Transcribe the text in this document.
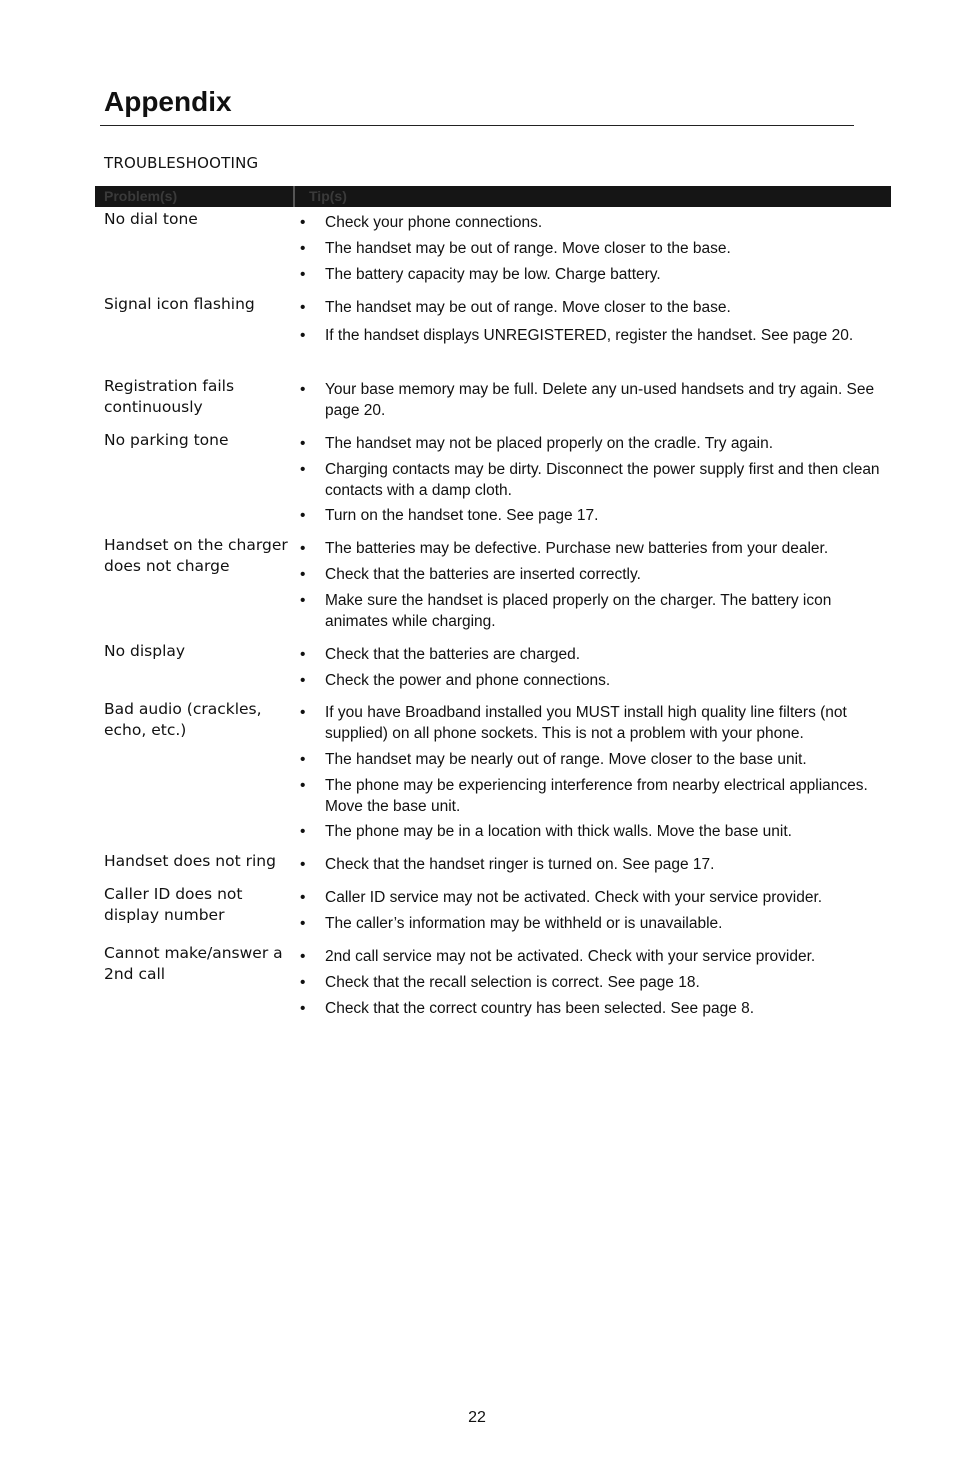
Appendix
TROUBLESHOOTING
Problem(s)	Tip(s)
No dial tone	• Check your phone connections.
• The handset may be out of range. Move closer to the base.
• The battery capacity may be low. Charge battery.
Signal icon flashing	• The handset may be out of range. Move closer to the base.
• If the handset displays UNREGISTERED, register the handset. See page 20.
Registration fails continuously
• Your base memory may be full. Delete any un-used handsets and try again. See page 20.
No parking tone	• The handset may not be placed properly on the cradle. Try again.
• Charging contacts may be dirty. Disconnect the power supply first and then clean contacts with a damp cloth.
• Turn on the handset tone. See page 17.
Handset on the charger does not charge
• The batteries may be defective. Purchase new batteries from your dealer.
• Check that the batteries are inserted correctly.
• Make sure the handset is placed properly on the charger. The battery icon animates while charging.
No display	• Check that the batteries are charged.
• Check the power and phone connections.
Bad audio (crackles, echo, etc.)
• If you have Broadband installed you MUST install high quality line filters (not supplied) on all phone sockets. This is not a problem with your phone.
• The handset may be nearly out of range. Move closer to the base unit.
• The phone may be experiencing interference from nearby electrical appliances. Move the base unit.
• The phone may be in a location with thick walls. Move the base unit.
Handset does not ring	• Check that the handset ringer is turned on. See page 17.
Caller ID does not display number
• Caller ID service may not be activated. Check with your service provider.
• The caller’s information may be withheld or is unavailable.
Cannot make/answer a 2nd call
• 2nd call service may not be activated. Check with your service provider.
• Check that the recall selection is correct. See page 18.
• Check that the correct country has been selected. See page 8.
22
